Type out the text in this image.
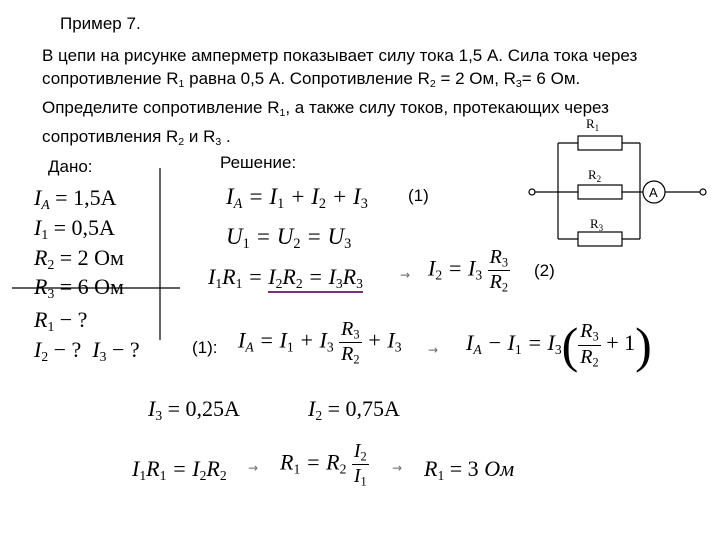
Пример 7.
В цепи на рисунке амперметр показывает силу тока 1,5 А. Сила тока через
сопротивление $R_1$ равна 0,5 А. Сопротивление $R_2 = 2$ Ом, $R_3= 6$ Ом.
Определите сопротивление $R_1$, а также силу токов, протекающих через
сопротивления $R_2$ и $R_3$ .
$R_1$
$R_2$
$R_3$
A
Дано:
IA = 1,5A
$I_1 = 0,5A$
$R_2 = 2$ Ом
$R_3 = 6$ Ом
$R_1$ − ?
$I_2$ − ?  $I_3$ − ?
Решение:
IA = $I_1 + I_2 + I_3$ (1)
$U_1 = U_2 = U_3$
$I_1R_1 = I_2R_2 = I_3R_3$
→ $I_2 = I_3 \frac{R_3}{R_2} (2)$
(1): IA = $I_1 + I_3 \frac{R_3}{R_2} + I_3$ → IA − $I_1 = I_3( \frac{R_3}{R_2} + 1)$
$I_3 = 0,25A$	$I_2 = 0,75A$
$I_1R_1 = I_2R_2 \to R_1 = R_2 \frac{I_2}{I_1} \to R_1 = 3$ Ом
